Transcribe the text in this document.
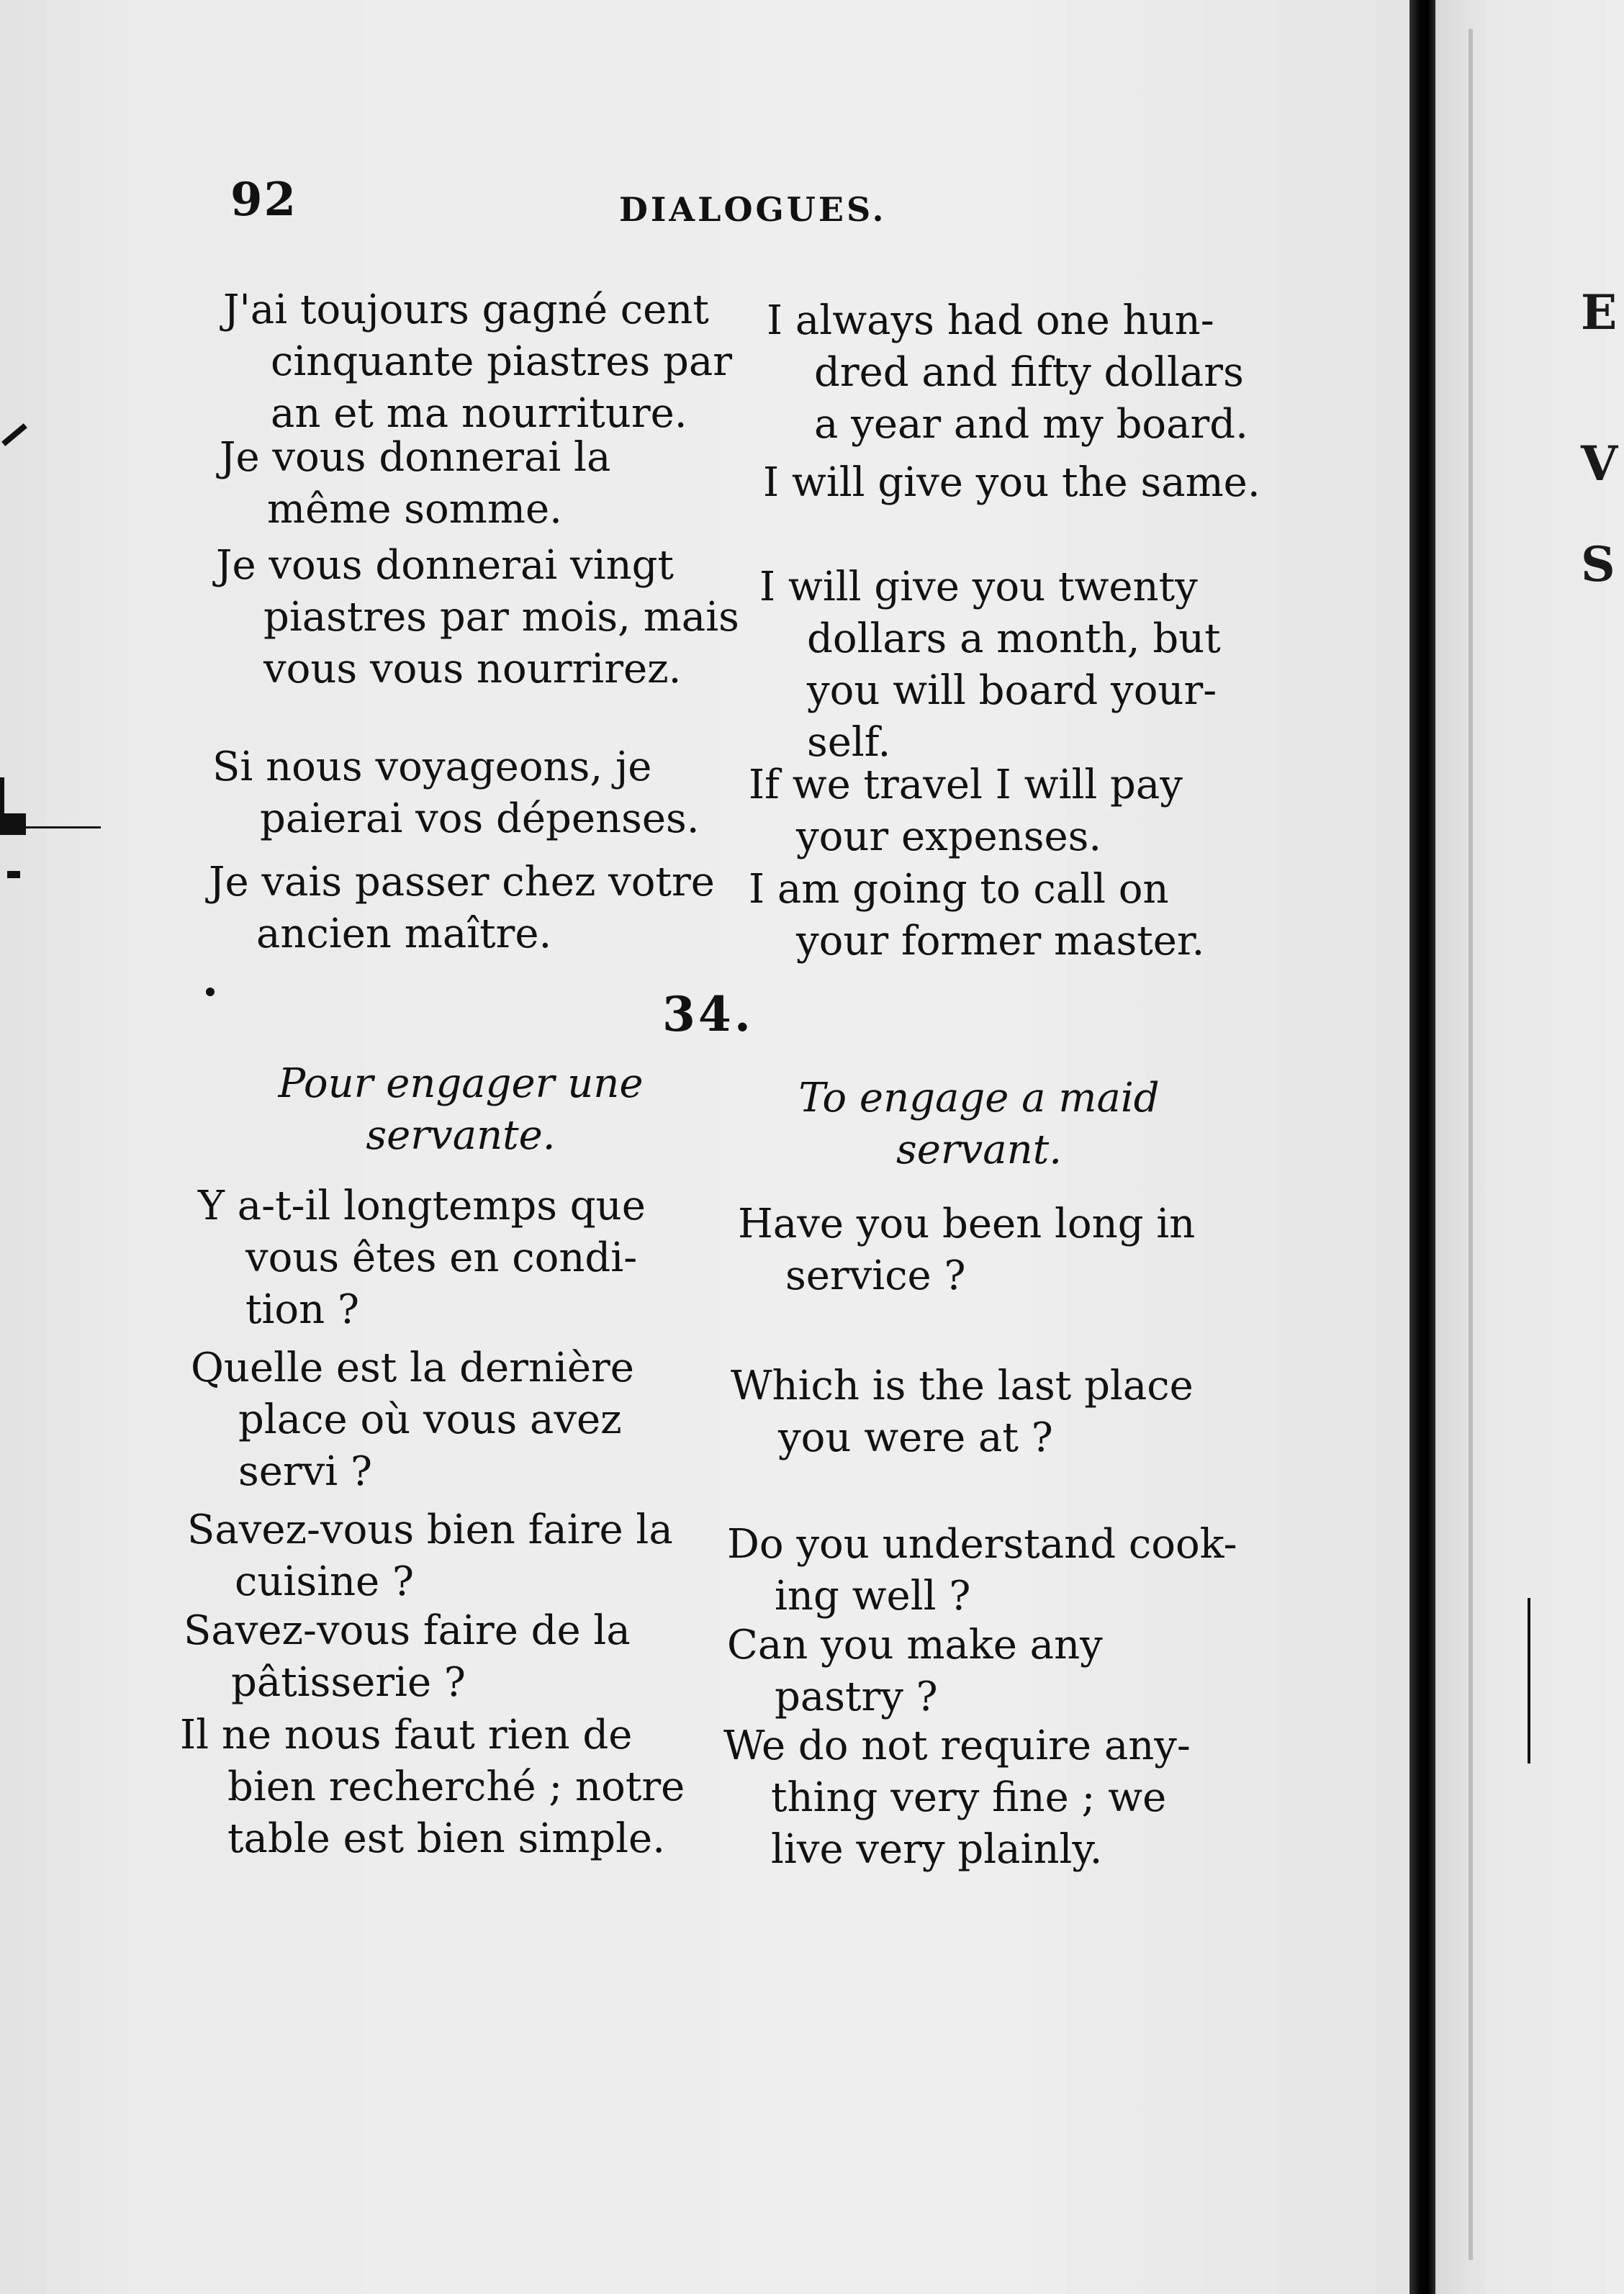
E
V
S
92	DIALOGUES.
J'ai toujours gagné cent
cinquante piastres par
an et ma nourriture.
I always had one hun-
dred and fifty dollars
a year and my board.
Je vous donnerai la
même somme.
I will give you the same.
Je vous donnerai vingt
piastres par mois, mais
vous vous nourrirez.
I will give you twenty
dollars a month, but
you will board your-
self.
Si nous voyageons, je
paierai vos dépenses.
If we travel I will pay
your expenses.
Je vais passer chez votre
ancien maître.
I am going to call on
your former master.
34.
Pour engager une
servante.
To engage a maid
servant.
Y a-t-il longtemps que
vous êtes en condi-
tion ?
Have you been long in
service ?
Quelle est la dernière
place où vous avez
servi ?
Which is the last place
you were at ?
Savez-vous bien faire la
cuisine ?
Do you understand cook-
ing well ?
Savez-vous faire de la
pâtisserie ?
Can you make any
pastry ?
Il ne nous faut rien de
bien recherché ; notre
table est bien simple.
We do not require any-
thing very fine ; we
live very plainly.
